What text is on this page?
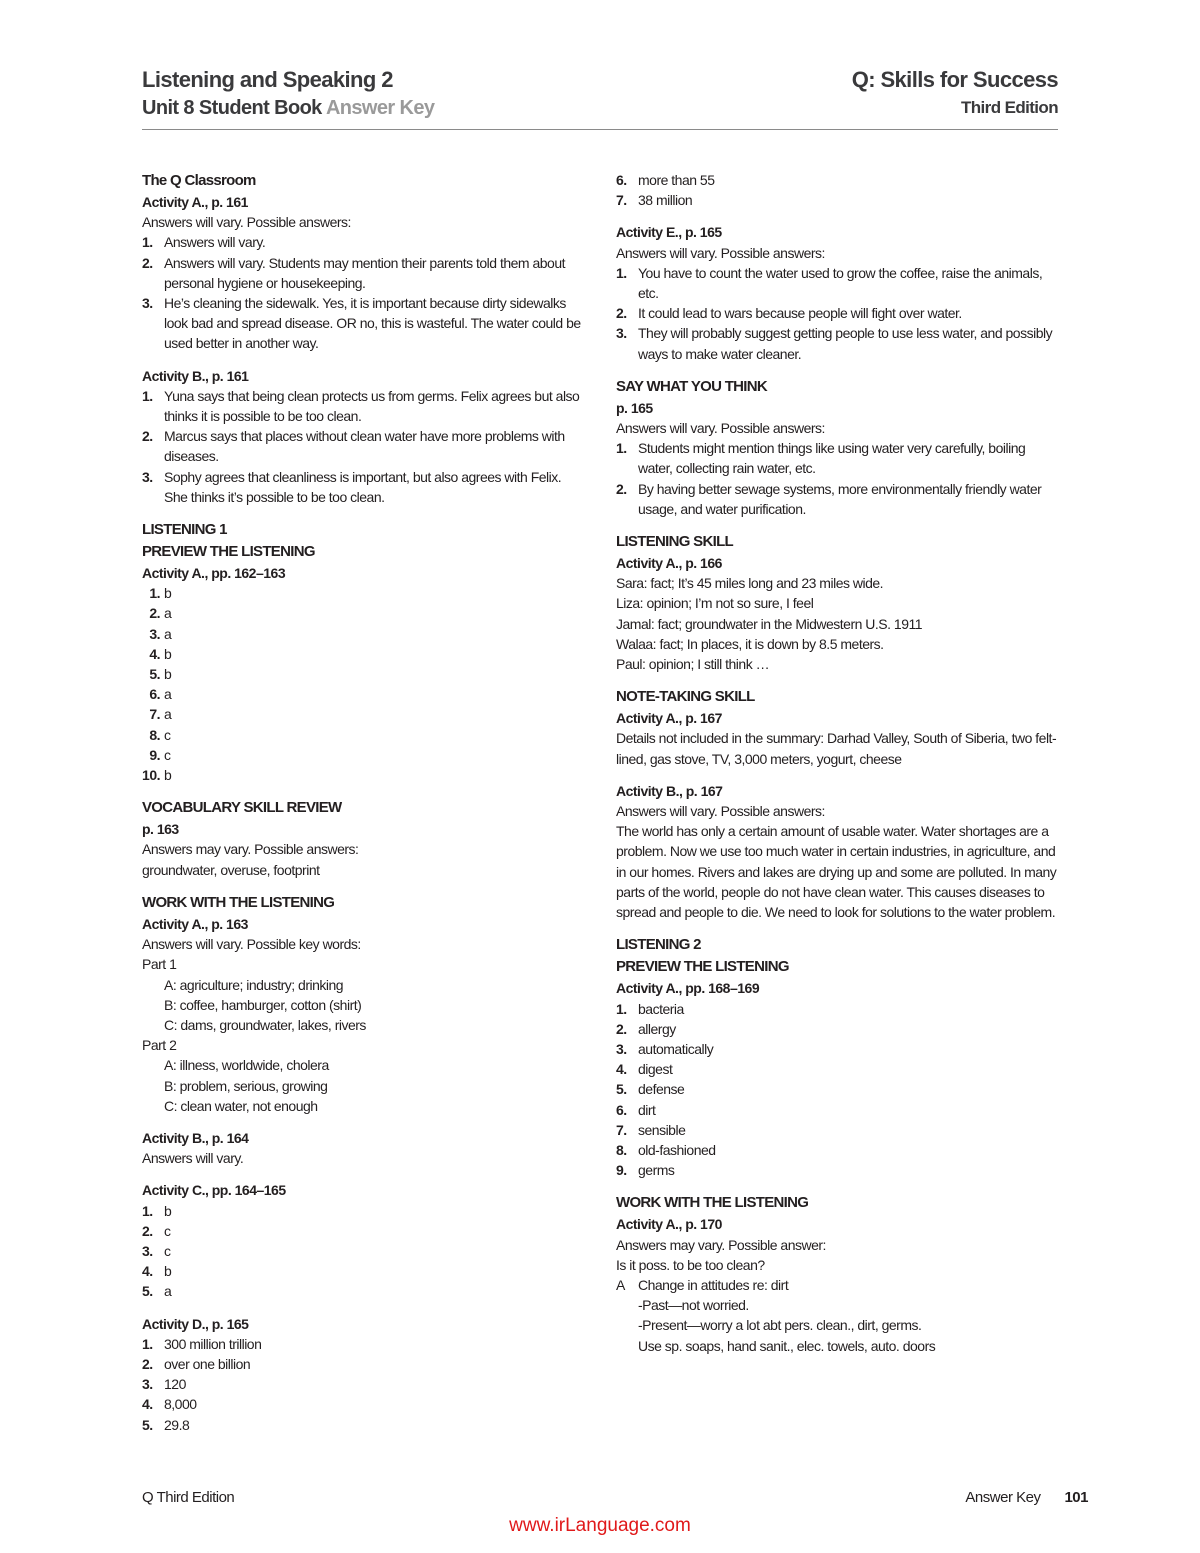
Listening and Speaking 2
Unit 8 Student Book Answer Key
Q: Skills for Success
Third Edition
The Q Classroom
Activity A., p. 161
Answers will vary. Possible answers:
1. Answers will vary.
2. Answers will vary. Students may mention their parents told them about personal hygiene or housekeeping.
3. He’s cleaning the sidewalk. Yes, it is important because dirty sidewalks look bad and spread disease. OR no, this is wasteful. The water could be used better in another way.
Activity B., p. 161
1. Yuna says that being clean protects us from germs. Felix agrees but also thinks it is possible to be too clean.
2. Marcus says that places without clean water have more problems with diseases.
3. Sophy agrees that cleanliness is important, but also agrees with Felix. She thinks it’s possible to be too clean.
LISTENING 1
PREVIEW THE LISTENING
Activity A., pp. 162–163
1. b
2. a
3. a
4. b
5. b
6. a
7. a
8. c
9. c
10. b
VOCABULARY SKILL REVIEW
p. 163
Answers may vary. Possible answers:
groundwater, overuse, footprint
WORK WITH THE LISTENING
Activity A., p. 163
Answers will vary. Possible key words:
Part 1
A: agriculture; industry; drinking
B: coffee, hamburger, cotton (shirt)
C: dams, groundwater, lakes, rivers
Part 2
A: illness, worldwide, cholera
B: problem, serious, growing
C: clean water, not enough
Activity B., p. 164
Answers will vary.
Activity C., pp. 164–165
1. b
2. c
3. c
4. b
5. a
Activity D., p. 165
1. 300 million trillion
2. over one billion
3. 120
4. 8,000
5. 29.8
6. more than 55
7. 38 million
Activity E., p. 165
Answers will vary. Possible answers:
1. You have to count the water used to grow the coffee, raise the animals, etc.
2. It could lead to wars because people will fight over water.
3. They will probably suggest getting people to use less water, and possibly ways to make water cleaner.
SAY WHAT YOU THINK
p. 165
Answers will vary. Possible answers:
1. Students might mention things like using water very carefully, boiling water, collecting rain water, etc.
2. By having better sewage systems, more environmentally friendly water usage, and water purification.
LISTENING SKILL
Activity A., p. 166
Sara: fact; It’s 45 miles long and 23 miles wide.
Liza: opinion; I’m not so sure, I feel
Jamal: fact; groundwater in the Midwestern U.S. 1911
Walaa: fact; In places, it is down by 8.5 meters.
Paul: opinion; I still think …
NOTE-TAKING SKILL
Activity A., p. 167
Details not included in the summary: Darhad Valley, South of Siberia, two felt-lined, gas stove, TV, 3,000 meters, yogurt, cheese
Activity B., p. 167
Answers will vary. Possible answers:
The world has only a certain amount of usable water. Water shortages are a problem. Now we use too much water in certain industries, in agriculture, and in our homes. Rivers and lakes are drying up and some are polluted. In many parts of the world, people do not have clean water. This causes diseases to spread and people to die. We need to look for solutions to the water problem.
LISTENING 2
PREVIEW THE LISTENING
Activity A., pp. 168–169
1. bacteria
2. allergy
3. automatically
4. digest
5. defense
6. dirt
7. sensible
8. old-fashioned
9. germs
WORK WITH THE LISTENING
Activity A., p. 170
Answers may vary. Possible answer:
Is it poss. to be too clean?
A Change in attitudes re: dirt
-Past—not worried.
-Present—worry a lot abt pers. clean., dirt, germs.
Use sp. soaps, hand sanit., elec. towels, auto. doors
Q Third Edition	Answer Key 101
www.irLanguage.com
